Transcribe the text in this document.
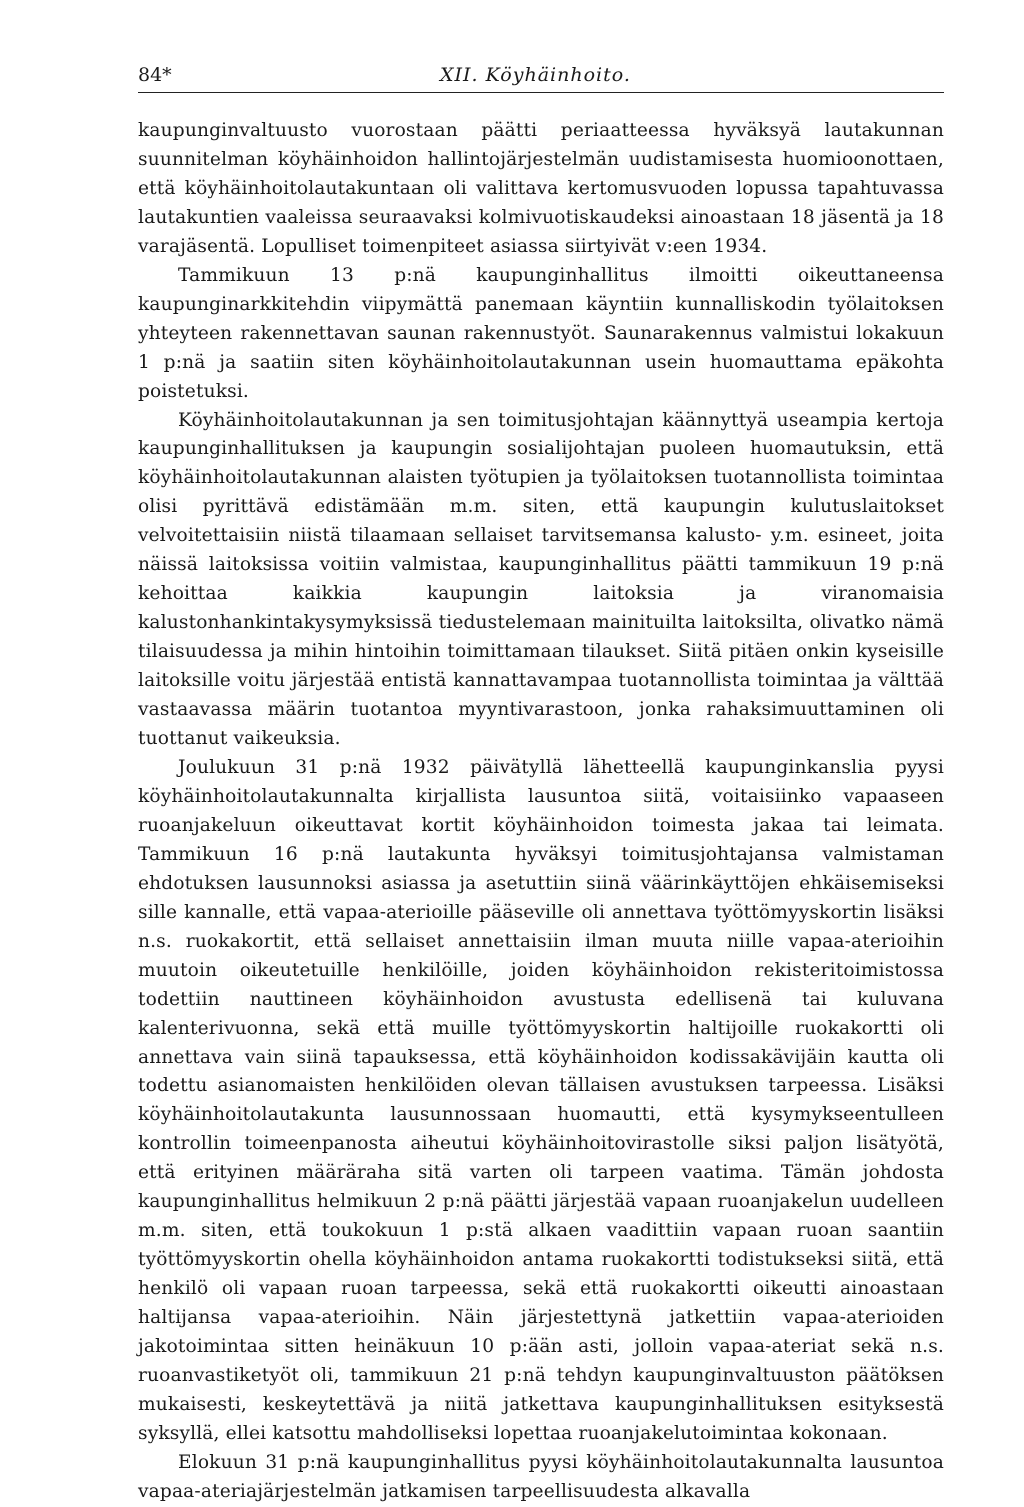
84*	XII. Köyhäinhoito.

kaupunginvaltuusto vuorostaan päätti periaatteessa hyväksyä lautakunnan suunnitelman köyhäinhoidon hallintojärjestelmän uudistamisesta huomioonottaen, että köyhäinhoitolautakuntaan oli valittava kertomusvuoden lopussa tapahtuvassa lautakuntien vaaleissa seuraavaksi kolmivuotiskaudeksi ainoastaan 18 jäsentä ja 18 varajäsentä. Lopulliset toimenpiteet asiassa siirtyivät v:een 1934.

Tammikuun 13 p:nä kaupunginhallitus ilmoitti oikeuttaneensa kaupunginarkkitehdin viipymättä panemaan käyntiin kunnalliskodin työlaitoksen yhteyteen rakennettavan saunan rakennustyöt. Saunarakennus valmistui lokakuun 1 p:nä ja saatiin siten köyhäinhoitolautakunnan usein huomauttama epäkohta poistetuksi.

Köyhäinhoitolautakunnan ja sen toimitusjohtajan käännyttyä useampia kertoja kaupunginhallituksen ja kaupungin sosialijohtajan puoleen huomautuksin, että köyhäinhoitolautakunnan alaisten työtupien ja työlaitoksen tuotannollista toimintaa olisi pyrittävä edistämään m.m. siten, että kaupungin kulutuslaitokset velvoitettaisiin niistä tilaamaan sellaiset tarvitsemansa kalusto- y.m. esineet, joita näissä laitoksissa voitiin valmistaa, kaupunginhallitus päätti tammikuun 19 p:nä kehoittaa kaikkia kaupungin laitoksia ja viranomaisia kalustonhankintakysymyksissä tiedustelemaan mainituilta laitoksilta, olivatko nämä tilaisuudessa ja mihin hintoihin toimittamaan tilaukset. Siitä pitäen onkin kyseisille laitoksille voitu järjestää entistä kannattavampaa tuotannollista toimintaa ja välttää vastaavassa määrin tuotantoa myyntivarastoon, jonka rahaksimuuttaminen oli tuottanut vaikeuksia.

Joulukuun 31 p:nä 1932 päivätyllä lähetteellä kaupunginkanslia pyysi köyhäinhoitolautakunnalta kirjallista lausuntoa siitä, voitaisiinko vapaaseen ruoanjakeluun oikeuttavat kortit köyhäinhoidon toimesta jakaa tai leimata. Tammikuun 16 p:nä lautakunta hyväksyi toimitusjohtajansa valmistaman ehdotuksen lausunnoksi asiassa ja asetuttiin siinä väärinkäyttöjen ehkäisemiseksi sille kannalle, että vapaa-aterioille pääseville oli annettava työttömyyskortin lisäksi n.s. ruokakortit, että sellaiset annettaisiin ilman muuta niille vapaa-aterioihin muutoin oikeutetuille henkilöille, joiden köyhäinhoidon rekisteritoimistossa todettiin nauttineen köyhäinhoidon avustusta edellisenä tai kuluvana kalenterivuonna, sekä että muille työttömyyskortin haltijoille ruokakortti oli annettava vain siinä tapauksessa, että köyhäinhoidon kodissakävijäin kautta oli todettu asianomaisten henkilöiden olevan tällaisen avustuksen tarpeessa. Lisäksi köyhäinhoitolautakunta lausunnossaan huomautti, että kysymykseentulleen kontrollin toimeenpanosta aiheutui köyhäinhoitovirastolle siksi paljon lisätyötä, että erityinen määräraha sitä varten oli tarpeen vaatima. Tämän johdosta kaupunginhallitus helmikuun 2 p:nä päätti järjestää vapaan ruoanjakelun uudelleen m.m. siten, että toukokuun 1 p:stä alkaen vaadittiin vapaan ruoan saantiin työttömyyskortin ohella köyhäinhoidon antama ruokakortti todistukseksi siitä, että henkilö oli vapaan ruoan tarpeessa, sekä että ruokakortti oikeutti ainoastaan haltijansa vapaa-aterioihin. Näin järjestettynä jatkettiin vapaa-aterioiden jakotoimintaa sitten heinäkuun 10 p:ään asti, jolloin vapaa-ateriat sekä n.s. ruoanvastiketyöt oli, tammikuun 21 p:nä tehdyn kaupunginvaltuuston päätöksen mukaisesti, keskeytettävä ja niitä jatkettava kaupunginhallituksen esityksestä syksyllä, ellei katsottu mahdolliseksi lopettaa ruoanjakelutoimintaa kokonaan.

Elokuun 31 p:nä kaupunginhallitus pyysi köyhäinhoitolautakunnalta lausuntoa vapaa-ateriajärjestelmän jatkamisen tarpeellisuudesta alkavalla
